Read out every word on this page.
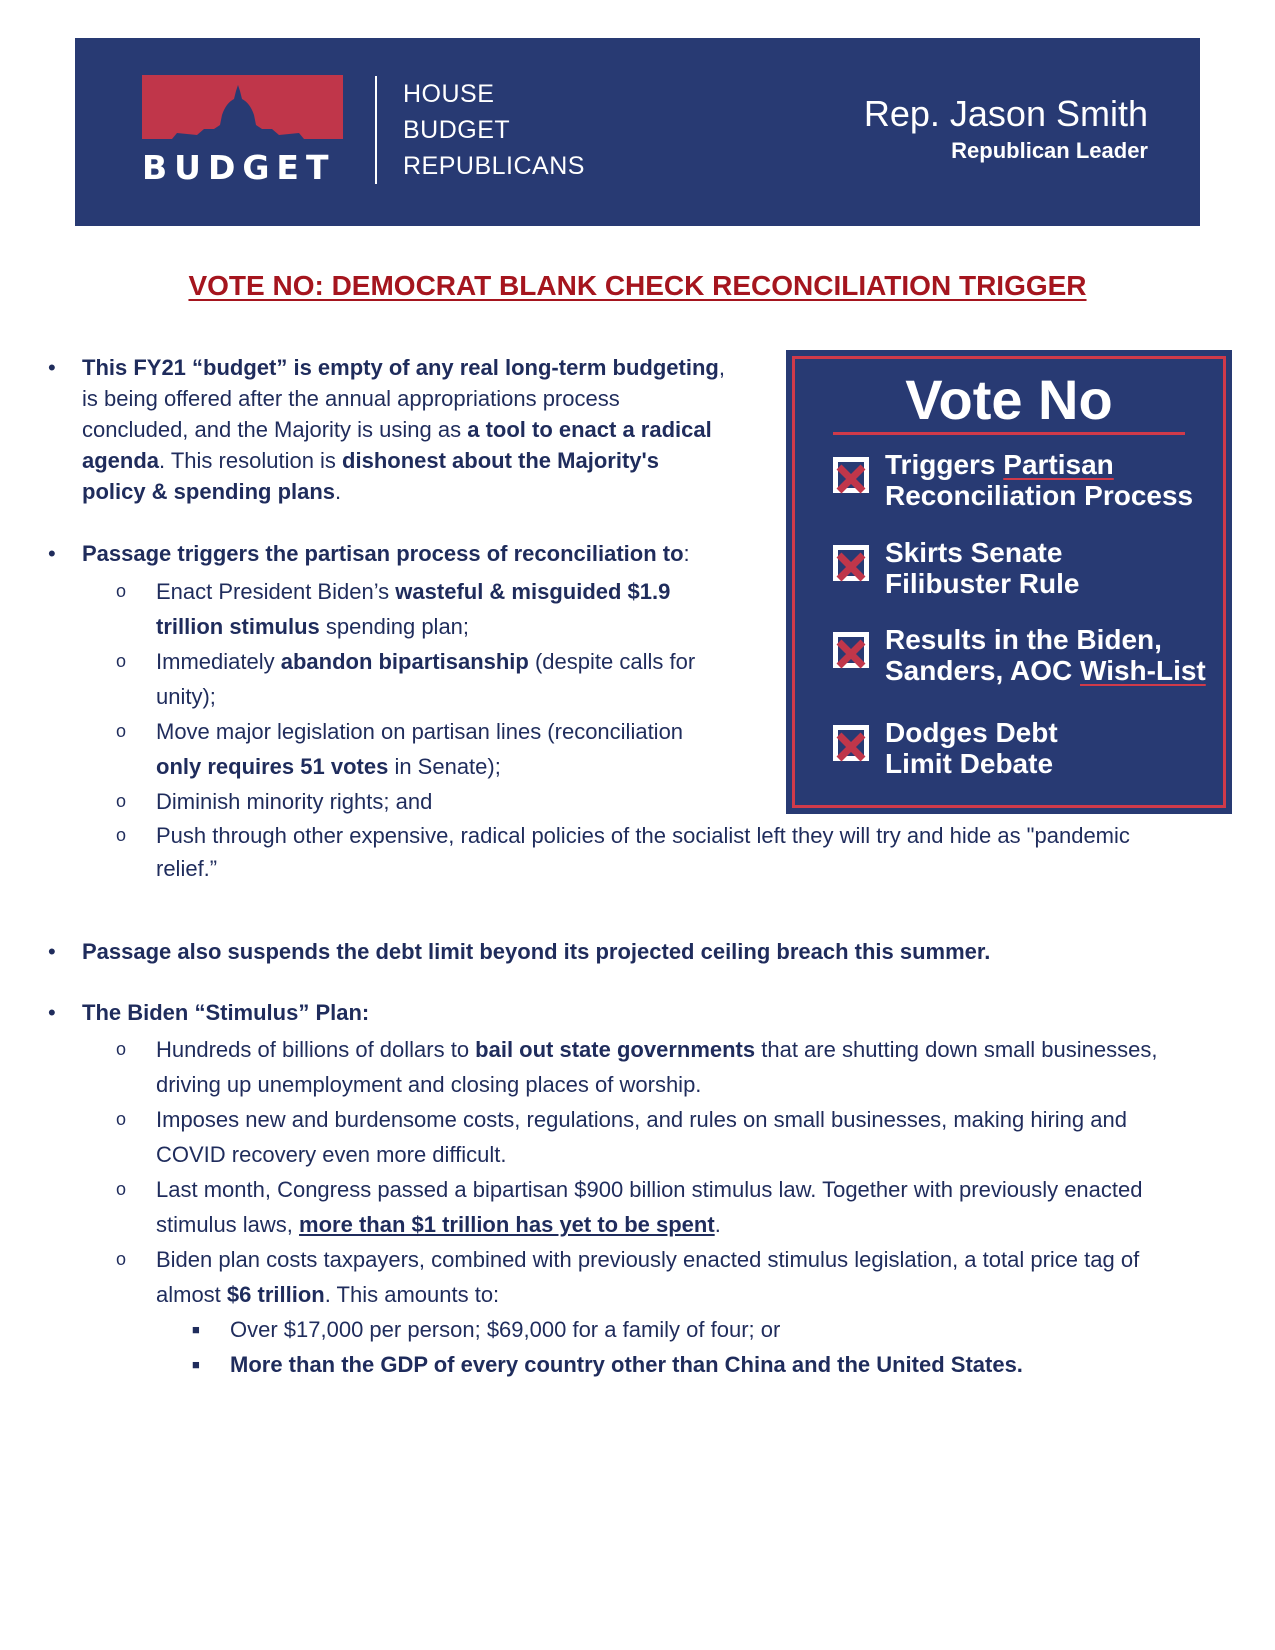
BUDGET
HOUSE
BUDGET
REPUBLICANS
Rep. Jason Smith
Republican Leader
VOTE NO: DEMOCRAT BLANK CHECK RECONCILIATION TRIGGER
Vote No
Triggers Partisan
Reconciliation Process
Skirts Senate
Filibuster Rule
Results in the Biden,
Sanders, AOC Wish-List
Dodges Debt
Limit Debate
• This FY21 “budget” is empty of any real long-term budgeting,
is being offered after the annual appropriations process
concluded, and the Majority is using as a tool to enact a radical
agenda. This resolution is dishonest about the Majority's
policy & spending plans.
• Passage triggers the partisan process of reconciliation to:
o Enact President Biden’s wasteful & misguided $1.9
trillion stimulus spending plan;
o Immediately abandon bipartisanship (despite calls for
unity);
o Move major legislation on partisan lines (reconciliation
only requires 51 votes in Senate);
o Diminish minority rights; and
o Push through other expensive, radical policies of the socialist left they will try and hide as "pandemic
relief.”
• Passage also suspends the debt limit beyond its projected ceiling breach this summer.
• The Biden “Stimulus” Plan:
o Hundreds of billions of dollars to bail out state governments that are shutting down small businesses,
driving up unemployment and closing places of worship.
o Imposes new and burdensome costs, regulations, and rules on small businesses, making hiring and
COVID recovery even more difficult.
o Last month, Congress passed a bipartisan $900 billion stimulus law. Together with previously enacted
stimulus laws, more than $1 trillion has yet to be spent.
o Biden plan costs taxpayers, combined with previously enacted stimulus legislation, a total price tag of
almost $6 trillion. This amounts to:
■ Over $17,000 per person; $69,000 for a family of four; or
■ More than the GDP of every country other than China and the United States.
